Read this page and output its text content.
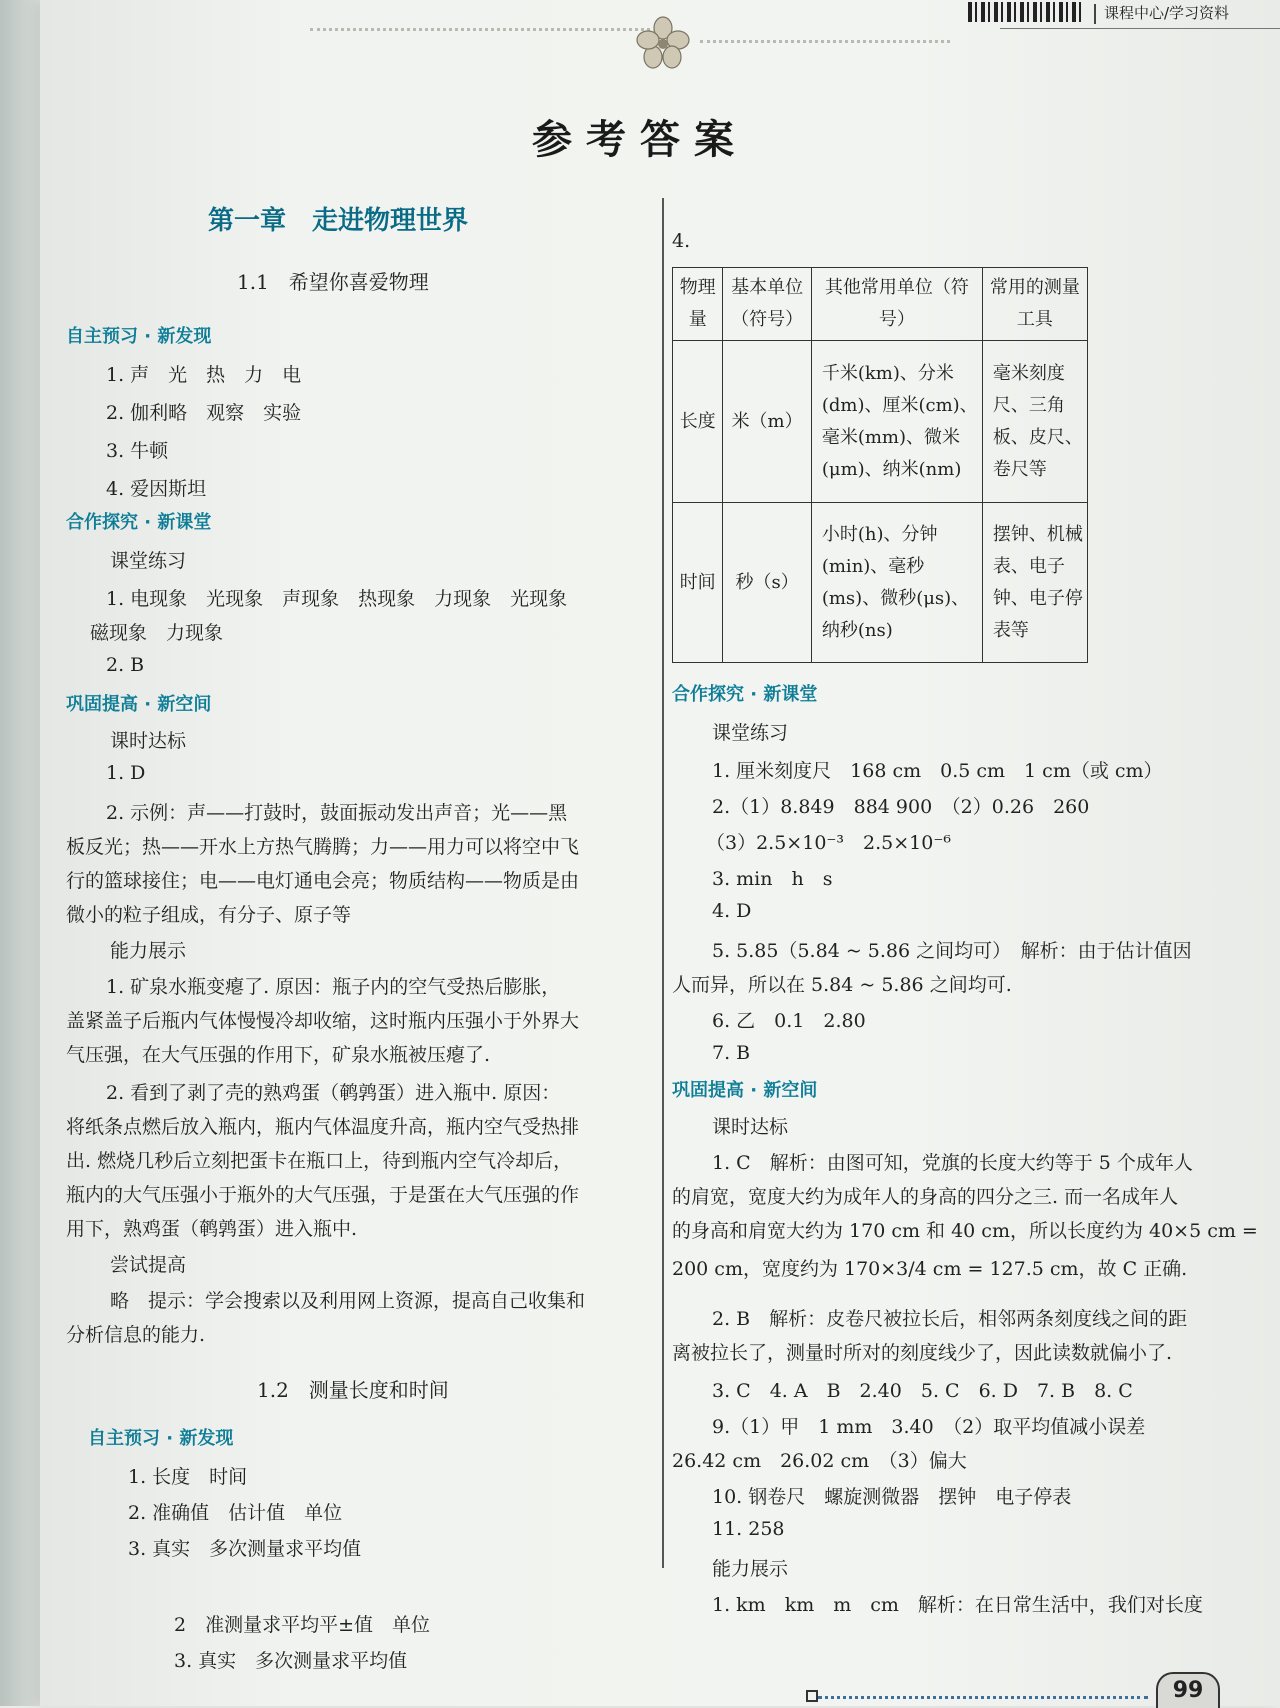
课程中心/学习资料
参考答案
第一章　走进物理世界
1.1　希望你喜爱物理
自主预习 · 新发现
1. 声　光　热　力　电
2. 伽利略　观察　实验
3. 牛顿
4. 爱因斯坦
合作探究 · 新课堂
课堂练习
1. 电现象　光现象　声现象　热现象　力现象　光现象
磁现象　力现象
2. B
巩固提高 · 新空间
课时达标
1. D
2. 示例：声——打鼓时，鼓面振动发出声音；光——黑
板反光；热——开水上方热气腾腾；力——用力可以将空中飞
行的篮球接住；电——电灯通电会亮；物质结构——物质是由
微小的粒子组成，有分子、原子等
能力展示
1. 矿泉水瓶变瘪了. 原因：瓶子内的空气受热后膨胀，
盖紧盖子后瓶内气体慢慢冷却收缩，这时瓶内压强小于外界大
气压强，在大气压强的作用下，矿泉水瓶被压瘪了.
2. 看到了剥了壳的熟鸡蛋（鹌鹑蛋）进入瓶中. 原因：
将纸条点燃后放入瓶内，瓶内气体温度升高，瓶内空气受热排
出. 燃烧几秒后立刻把蛋卡在瓶口上，待到瓶内空气冷却后，
瓶内的大气压强小于瓶外的大气压强，于是蛋在大气压强的作
用下，熟鸡蛋（鹌鹑蛋）进入瓶中.
尝试提高
略　提示：学会搜索以及利用网上资源，提高自己收集和
分析信息的能力.
1.2　测量长度和时间
自主预习 · 新发现
1. 长度　时间
2. 准确值　估计值　单位
3. 真实　多次测量求平均值
2　准测量求平均平±值　单位
3. 真实　多次测量求平均值
4.
物理量	基本单位（符号）	其他常用单位（符号）	常用的测量工具
长度	米（m）	千米(km)、分米(dm)、厘米(cm)、毫米(mm)、微米(μm)、纳米(nm)	毫米刻度尺、三角板、皮尺、卷尺等
时间	秒（s）	小时(h)、分钟(min)、毫秒(ms)、微秒(μs)、纳秒(ns)	摆钟、机械表、电子钟、电子停表等
合作探究 · 新课堂
课堂练习
1. 厘米刻度尺　168 cm　0.5 cm　1 cm（或 cm）
2.（1）8.849　884 900　（2）0.26　260
（3）2.5×10⁻³　2.5×10⁻⁶
3. min　h　s
4. D
5. 5.85（5.84 ~ 5.86 之间均可）　解析：由于估计值因
人而异，所以在 5.84 ~ 5.86 之间均可.
6. 乙　0.1　2.80
7. B
巩固提高 · 新空间
课时达标
1. C　解析：由图可知，党旗的长度大约等于 5 个成年人
的肩宽，宽度大约为成年人的身高的四分之三. 而一名成年人
的身高和肩宽大约为 170 cm 和 40 cm，所以长度约为 40×5 cm =
200 cm，宽度约为 170×3/4 cm = 127.5 cm，故 C 正确.
2. B　解析：皮卷尺被拉长后，相邻两条刻度线之间的距
离被拉长了，测量时所对的刻度线少了，因此读数就偏小了.
3. C　4. A　B　2.40　5. C　6. D　7. B　8. C
9.（1）甲　1 mm　3.40　（2）取平均值减小误差
26.42 cm　26.02 cm　（3）偏大
10. 钢卷尺　螺旋测微器　摆钟　电子停表
11. 258
能力展示
1. km　km　m　cm　解析：在日常生活中，我们对长度
99
